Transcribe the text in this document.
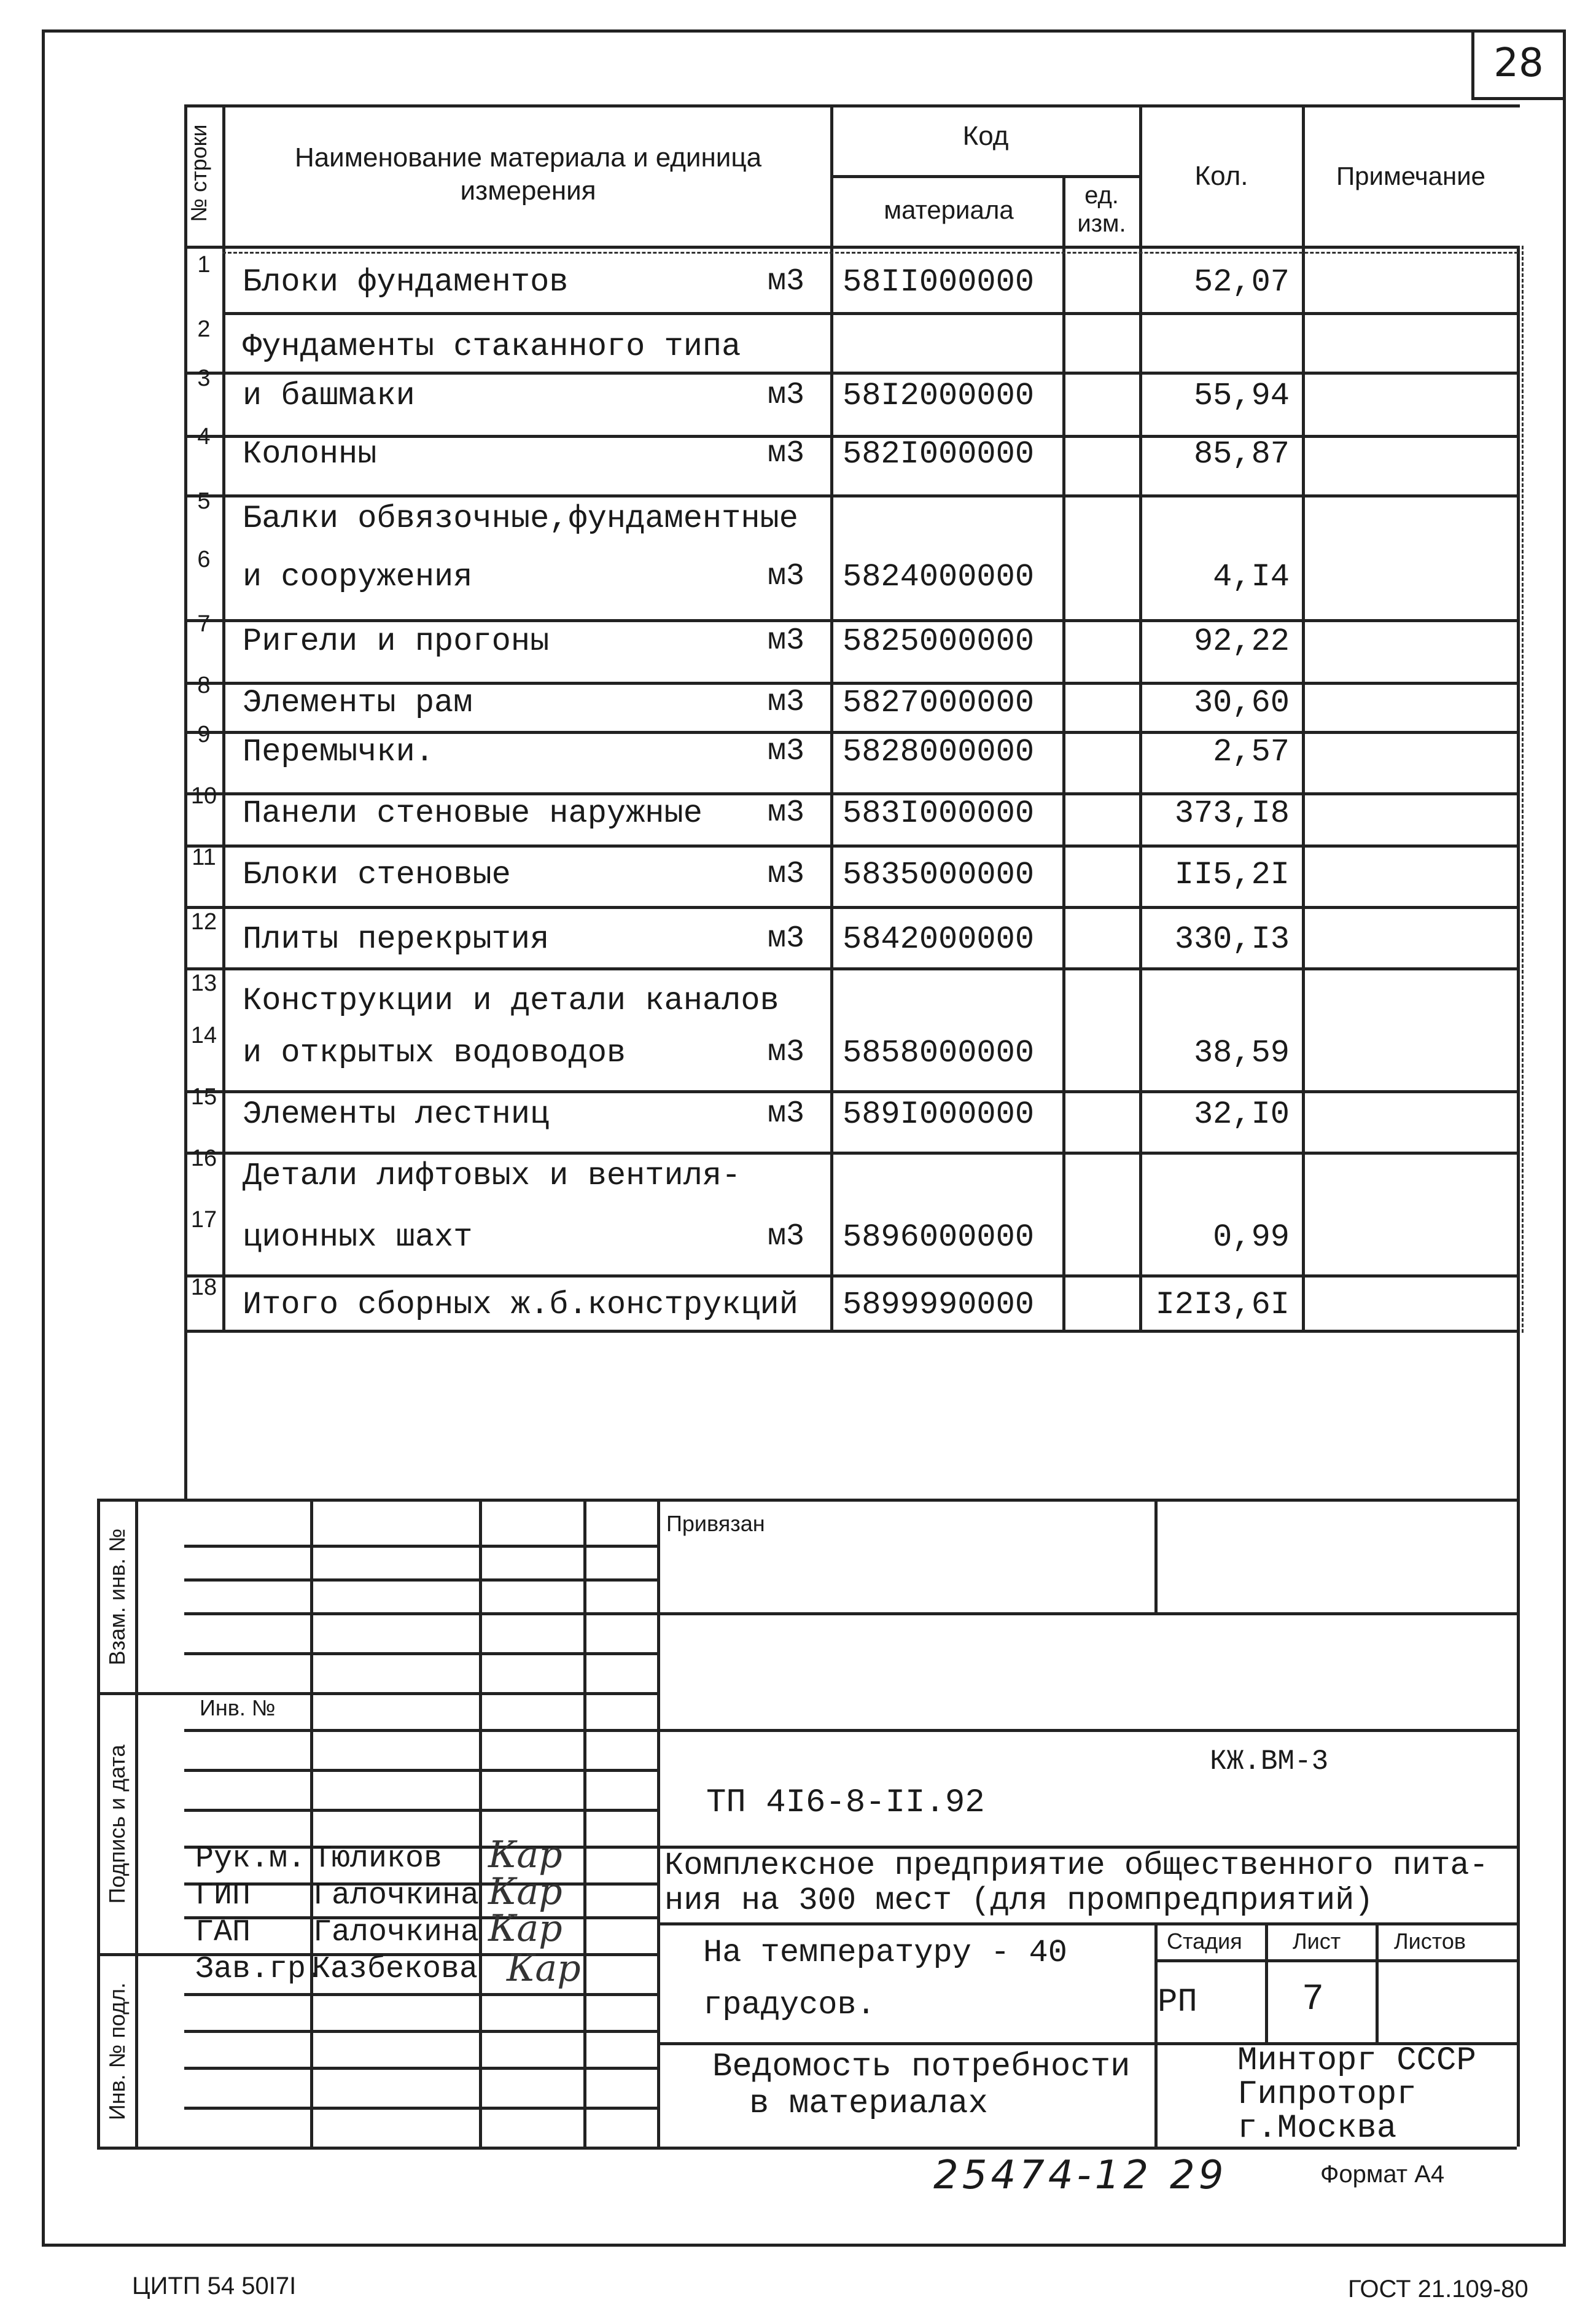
28
№ строки	Наименование материала и единица измерения
Код
материала	ед. изм.
Кол.	Примечание
1 Блоки фундаментов	м3 58II000000	52,07
2 Фундаменты стаканного типа
3 и башмаки	м3 58I2000000	55,94
4 Колонны	м3 582I000000	85,87
5 Балки обвязочные,фундаментные
6 и сооружения	м3 5824000000	4,I4
7 Ригели и прогоны	м3 5825000000	92,22
8 Элементы рам	м3 5827000000	30,60
9 Перемычки.	м3 5828000000	2,57
10 Панели стеновые наружные м3 583I000000	373,I8
11 Блоки стеновые	м3 5835000000	II5,2I
12 Плиты перекрытия	м3 5842000000	330,I3
13 Конструкции и детали каналов
14 и открытых водоводов	м3 5858000000	38,59
15 Элементы лестниц	м3 589I000000	32,I0
16 Детали лифтовых и вентиля-
17 ционных шахт	м3 5896000000	0,99
18 Итого сборных ж.б.конструкций 5899990000	I2I3,6I
Взам. инв. №
Подпись и дата
Инв. № подл.
Привязан
Инв. №
КЖ.ВМ-3
ТП 4I6-8-II.92
Рук.м. Тюликов Кар
ГИП Галочкина Кар
ГАП Галочкина Кар
Зав.гр.
Казбекова Кар
Комплексное предприятие общественного пита-
ния на 300 мест (для промпредприятий)
На температуру - 40
градусов.
Стадия Лист Листов
РП	7
Ведомость потребности
в материалах
Минторг СССР
Гипроторг
г.Москва
25474-12 29	Формат А4
ЦИТП 54 50I7I	ГОСТ 21.109-80
